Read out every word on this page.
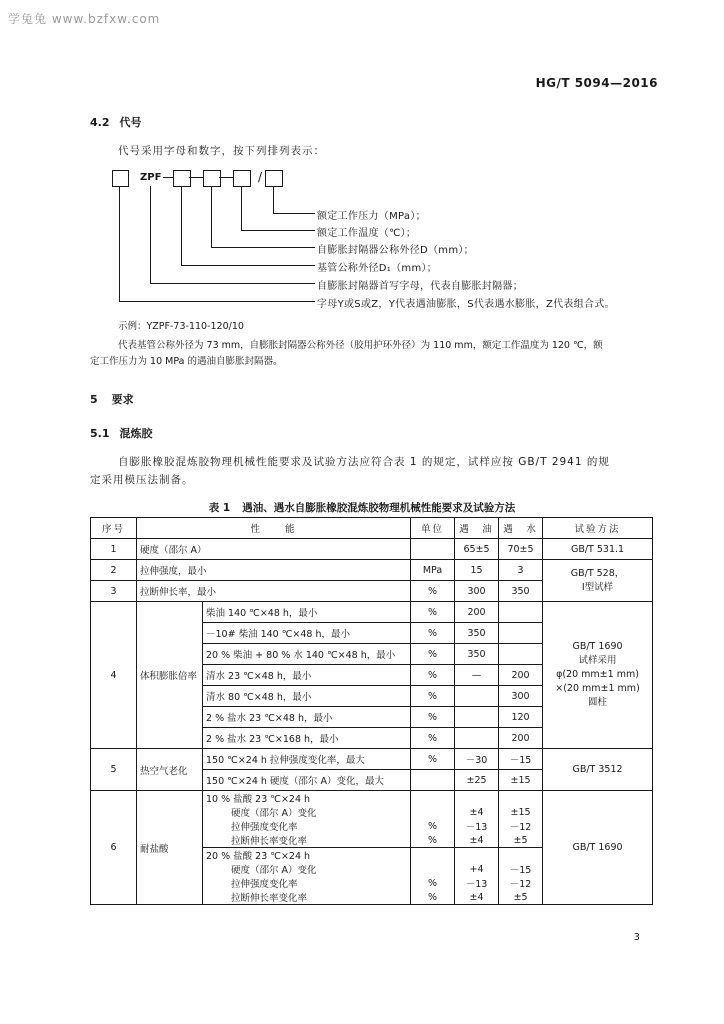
学兔兔 www.bzfxw.com
HG/T 5094—2016
4.2 代号
代号采用字母和数字，按下列排列表示：
ZPF	/
额定工作压力（MPa）；
额定工作温度（℃）；
自膨胀封隔器公称外径D（mm）；
基管公称外径D₁（mm）；
自膨胀封隔器首写字母，代表自膨胀封隔器；
字母Y或S或Z，Y代表遇油膨胀，S代表遇水膨胀，Z代表组合式。
示例：YZPF-73-110-120/10
代表基管公称外径为 73 mm，自膨胀封隔器公称外径（胶用护环外径）为 110 mm，额定工作温度为 120 ℃，额
定工作压力为 10 MPa 的遇油自膨胀封隔器。
5 要求
5.1 混炼胶
自膨胀橡胶混炼胶物理机械性能要求及试验方法应符合表 1 的规定，试样应按 GB/T 2941 的规
定采用模压法制备。
表 1 遇油、遇水自膨胀橡胶混炼胶物理机械性能要求及试验方法
序号	性　　能		单位	遇　油	遇　水	试验方法
1	硬度（邵尔 A）			65±5	70±5	GB/T 531.1
2	拉伸强度，最小		MPa	15	3	GB/T 528，
Ⅰ型试样

3	拉断伸长率，最小		%	300	350	
4	体积膨胀倍率	柴油 140 ℃×48 h，最小	%	200		GB/T 1690
试样采用
φ(20 mm±1 mm)
×(20 mm±1 mm)
圆柱

		－10# 柴油 140 ℃×48 h，最小	%	350		
		20 % 柴油 + 80 % 水 140 ℃×48 h，最小	%	350		
		清水 23 ℃×48 h，最小	%	—	200	
		清水 80 ℃×48 h，最小	%		300	
		2 % 盐水 23 ℃×48 h，最小	%		120	
		2 % 盐水 23 ℃×168 h，最小	%		200	
5	热空气老化	150 ℃×24 h 拉伸强度变化率，最大	%	－30	－15	GB/T 3512
		150 ℃×24 h 硬度（邵尔 A）变化，最大		±25	±15	
6	耐盐酸	10 % 盐酸 23 ℃×24 h				GB/T 1690
		硬度（邵尔 A）变化		±4	±15	
		拉伸强度变化率	%	－13	－12	
		拉断伸长率变化率	%	±4	±5	
		20 % 盐酸 23 ℃×24 h				
		硬度（邵尔 A）变化		+4	－15	
		拉伸强度变化率	%	－13	－12	
		拉断伸长率变化率	%	±4	±5	
3
